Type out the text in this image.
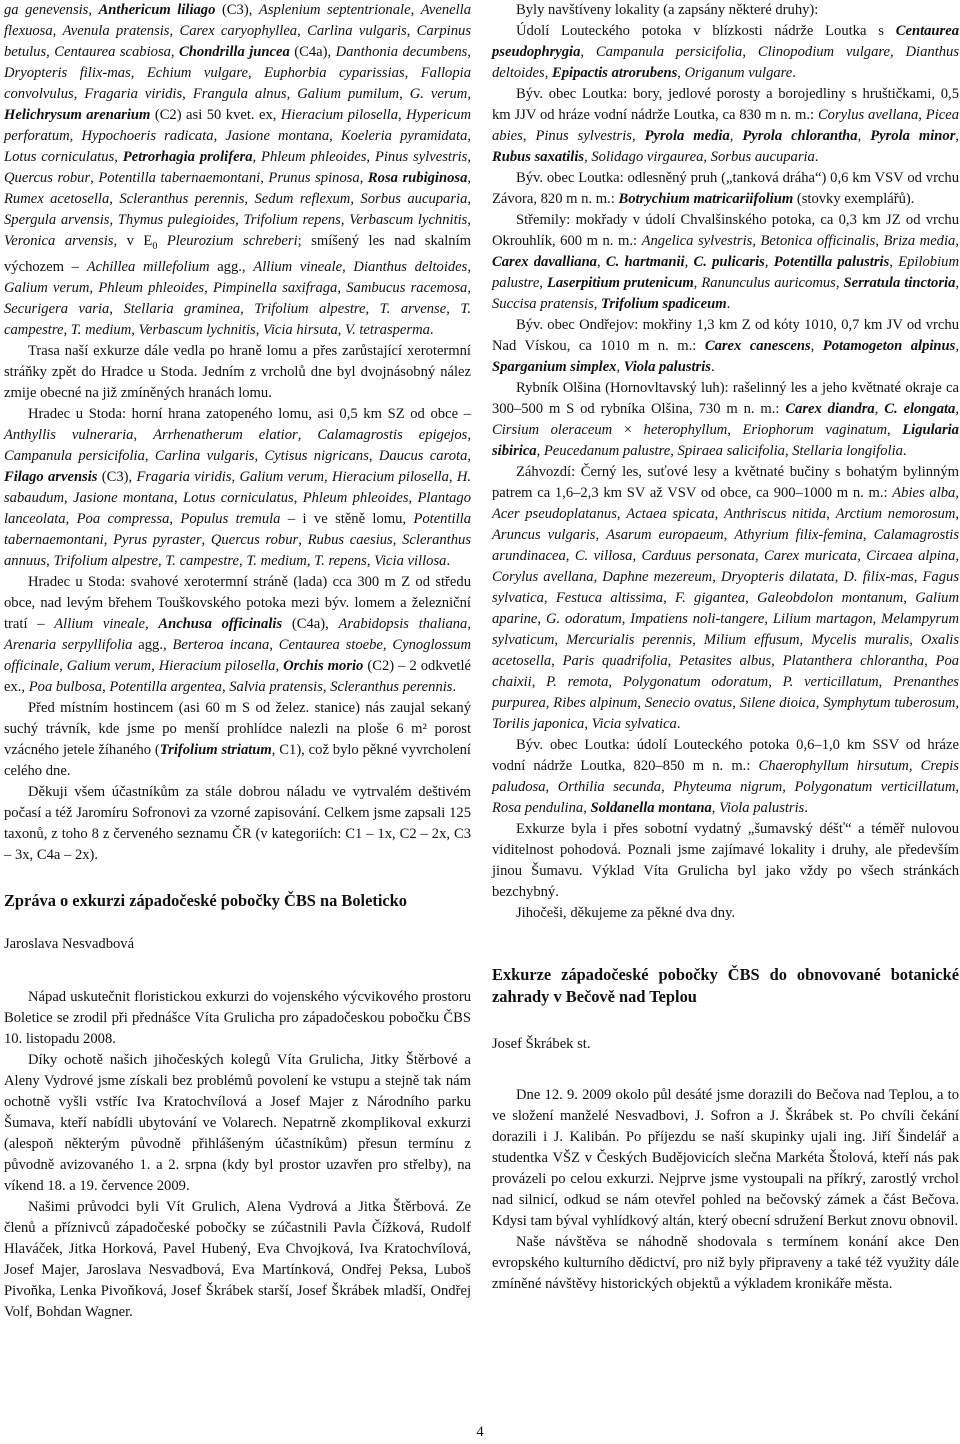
ga genevensis, Anthericum liliago (C3), Asplenium septentrionale, Avenella flexuosa, Avenula pratensis, Carex caryophyllea, Carlina vulgaris, Carpinus betulus, Centaurea scabiosa, Chondrilla juncea (C4a), Danthonia decumbens, Dryopteris filix-mas, Echium vulgare, Euphorbia cyparissias, Fallopia convolvulus, Fragaria viridis, Frangula alnus, Galium pumilum, G. verum, Helichrysum arenarium (C2) asi 50 kvet. ex, Hieracium pilosella, Hypericum perforatum, Hypochoeris radicata, Jasione montana, Koeleria pyramidata, Lotus corniculatus, Petrorhagia prolifera, Phleum phleoides, Pinus sylvestris, Quercus robur, Potentilla tabernaemontani, Prunus spinosa, Rosa rubiginosa, Rumex acetosella, Scleranthus perennis, Sedum reflexum, Sorbus aucuparia, Spergula arvensis, Thymus pulegioides, Trifolium repens, Verbascum lychnitis, Veronica arvensis, v $E_0$ Pleurozium schreberi; smíšený les nad skalním výchozem – Achillea millefolium agg., Allium vineale, Dianthus deltoides, Galium verum, Phleum phleoides, Pimpinella saxifraga, Sambucus racemosa, Securigera varia, Stellaria graminea, Trifolium alpestre, T. arvense, T. campestre, T. medium, Verbascum lychnitis, Vicia hirsuta, V. tetrasperma.

Trasa naší exkurze dále vedla po hraně lomu a přes zarůstající xerotermní stráňky zpět do Hradce u Stoda. Jedním z vrcholů dne byl dvojnásobný nález zmije obecné na již zmíněných hranách lomu.

Hradec u Stoda: horní hrana zatopeného lomu, asi 0,5 km SZ od obce – Anthyllis vulneraria, Arrhenatherum elatior, Calamagrostis epigejos, Campanula persicifolia, Carlina vulgaris, Cytisus nigricans, Daucus carota, Filago arvensis (C3), Fragaria viridis, Galium verum, Hieracium pilosella, H. sabaudum, Jasione montana, Lotus corniculatus, Phleum phleoides, Plantago lanceolata, Poa compressa, Populus tremula – i ve stěně lomu, Potentilla tabernaemontani, Pyrus pyraster, Quercus robur, Rubus caesius, Scleranthus annuus, Trifolium alpestre, T. campestre, T. medium, T. repens, Vicia villosa.

Hradec u Stoda: svahové xerotermní stráně (lada) cca 300 m Z od středu obce, nad levým břehem Touškovského potoka mezi býv. lomem a železniční tratí – Allium vineale, Anchusa officinalis (C4a), Arabidopsis thaliana, Arenaria serpyllifolia agg., Berteroa incana, Centaurea stoebe, Cynoglossum officinale, Galium verum, Hieracium pilosella, Orchis morio (C2) – 2 odkvetlé ex., Poa bulbosa, Potentilla argentea, Salvia pratensis, Scleranthus perennis.

Před místním hostincem (asi 60 m S od želez. stanice) nás zaujal sekaný suchý trávník, kde jsme po menší prohlídce nalezli na ploše 6 m² porost vzácného jetele žíhaného (Trifolium striatum, C1), což bylo pěkné vyvrcholení celého dne.

Děkuji všem účastníkům za stále dobrou náladu ve vytrvalém deštivém počasí a též Jaromíru Sofronovi za vzorné zapisování. Celkem jsme zapsali 125 taxonů, z toho 8 z červeného seznamu ČR (v kategoriích: C1 – 1x, C2 – 2x, C3 – 3x, C4a – 2x).

Zpráva o exkurzi západočeské pobočky ČBS na Boleticko

Jaroslava Nesvadbová

Nápad uskutečnit floristickou exkurzi do vojenského výcvikového prostoru Boletice se zrodil při přednášce Víta Grulicha pro západočeskou pobočku ČBS 10. listopadu 2008.

Díky ochotě našich jihočeských kolegů Víta Grulicha, Jitky Štěrbové a Aleny Vydrové jsme získali bez problémů povolení ke vstupu a stejně tak nám ochotně vyšli vstříc Iva Kratochvílová a Josef Majer z Národního parku Šumava, kteří nabídli ubytování ve Volarech. Nepatrně zkomplikoval exkurzi (alespoň některým původně přihlášeným účastníkům) přesun termínu z původně avizovaného 1. a 2. srpna (kdy byl prostor uzavřen pro střelby), na víkend 18. a 19. července 2009.

Našimi průvodci byli Vít Grulich, Alena Vydrová a Jitka Štěrbová. Ze členů a příznivců západočeské pobočky se zúčastnili Pavla Čížková, Rudolf Hlaváček, Jitka Horková, Pavel Hubený, Eva Chvojková, Iva Kratochvílová, Josef Majer, Jaroslava Nesvadbová, Eva Martínková, Ondřej Peksa, Luboš Pivoňka, Lenka Pivoňková, Josef Škrábek starší, Josef Škrábek mladší, Ondřej Volf, Bohdan Wagner.

Byly navštíveny lokality (a zapsány některé druhy):

Údolí Louteckého potoka v blízkosti nádrže Loutka s Centaurea pseudophrygia, Campanula persicifolia, Clinopodium vulgare, Dianthus deltoides, Epipactis atrorubens, Origanum vulgare.

Býv. obec Loutka: bory, jedlové porosty a borojedliny s hruštičkami, 0,5 km JJV od hráze vodní nádrže Loutka, ca 830 m n. m.: Corylus avellana, Picea abies, Pinus sylvestris, Pyrola media, Pyrola chlorantha, Pyrola minor, Rubus saxatilis, Solidago virgaurea, Sorbus aucuparia.

Býv. obec Loutka: odlesněný pruh („tanková dráha“) 0,6 km VSV od vrchu Závora, 820 m n. m.: Botrychium matricariifolium (stovky exemplářů).

Střemily: mokřady v údolí Chvalšinského potoka, ca 0,3 km JZ od vrchu Okrouhlík, 600 m n. m.: Angelica sylvestris, Betonica officinalis, Briza media, Carex davalliana, C. hartmanii, C. pulicaris, Potentilla palustris, Epilobium palustre, Laserpitium prutenicum, Ranunculus auricomus, Serratula tinctoria, Succisa pratensis, Trifolium spadiceum.

Býv. obec Ondřejov: mokřiny 1,3 km Z od kóty 1010, 0,7 km JV od vrchu Nad Vískou, ca 1010 m n. m.: Carex canescens, Potamogeton alpinus, Sparganium simplex, Viola palustris.

Rybník Olšina (Hornovltavský luh): rašelinný les a jeho květnaté okraje ca 300–500 m S od rybníka Olšina, 730 m n. m.: Carex diandra, C. elongata, Cirsium oleraceum × heterophyllum, Eriophorum vaginatum, Ligularia sibirica, Peucedanum palustre, Spiraea salicifolia, Stellaria longifolia.

Záhvozdí: Černý les, suťové lesy a květnaté bučiny s bohatým bylinným patrem ca 1,6–2,3 km SV až VSV od obce, ca 900–1000 m n. m.: Abies alba, Acer pseudoplatanus, Actaea spicata, Anthriscus nitida, Arctium nemorosum, Aruncus vulgaris, Asarum europaeum, Athyrium filix-femina, Calamagrostis arundinacea, C. villosa, Carduus personata, Carex muricata, Circaea alpina, Corylus avellana, Daphne mezereum, Dryopteris dilatata, D. filix-mas, Fagus sylvatica, Festuca altissima, F. gigantea, Galeobdolon montanum, Galium aparine, G. odoratum, Impatiens noli-tangere, Lilium martagon, Melampyrum sylvaticum, Mercurialis perennis, Milium effusum, Mycelis muralis, Oxalis acetosella, Paris quadrifolia, Petasites albus, Platanthera chlorantha, Poa chaixii, P. remota, Polygonatum odoratum, P. verticillatum, Prenanthes purpurea, Ribes alpinum, Senecio ovatus, Silene dioica, Symphytum tuberosum, Torilis japonica, Vicia sylvatica.

Býv. obec Loutka: údolí Louteckého potoka 0,6–1,0 km SSV od hráze vodní nádrže Loutka, 820–850 m n. m.: Chaerophyllum hirsutum, Crepis paludosa, Orthilia secunda, Phyteuma nigrum, Polygonatum verticillatum, Rosa pendulina, Soldanella montana, Viola palustris.

Exkurze byla i přes sobotní vydatný „šumavský déšť“ a téměř nulovou viditelnost pohodová. Poznali jsme zajímavé lokality i druhy, ale především jinou Šumavu. Výklad Víta Grulicha byl jako vždy po všech stránkách bezchybný.

Jihočeši, děkujeme za pěkné dva dny.

Exkurze západočeské pobočky ČBS do obnovované botanické zahrady v Bečově nad Teplou

Josef Škrábek st.

Dne 12. 9. 2009 okolo půl desáté jsme dorazili do Bečova nad Teplou, a to ve složení manželé Nesvadbovi, J. Sofron a J. Škrábek st. Po chvíli čekání dorazili i J. Kalibán. Po příjezdu se naší skupinky ujali ing. Jiří Šindelář a studentka VŠZ v Českých Budějovicích slečna Markéta Štolová, kteří nás pak provázeli po celou exkurzi. Nejprve jsme vystoupali na příkrý, zarostlý vrchol nad silnicí, odkud se nám otevřel pohled na bečovský zámek a část Bečova. Kdysi tam býval vyhlídkový altán, který obecní sdružení Berkut znovu obnovil.

Naše návštěva se náhodně shodovala s termínem konání akce Den evropského kulturního dědictví, pro niž byly připraveny a také též využity dále zmíněné návštěvy historických objektů a výkladem kronikáře města.

4
